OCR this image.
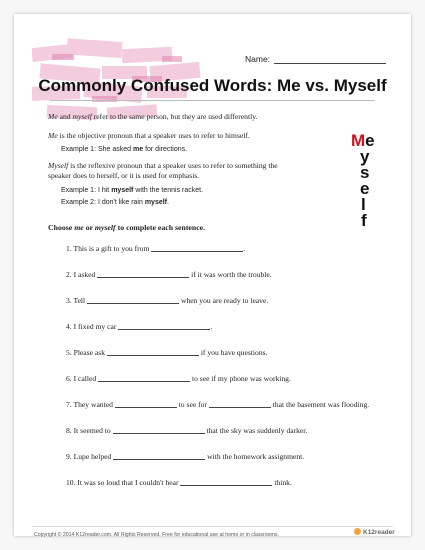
Name:
Commonly Confused Words: Me vs. Myself
Me and myself refer to the same person, but they are used differently.
Me is the objective pronoun that a speaker uses to refer to himself.
Example 1: She asked me for directions.
Myself is the reflexive pronoun that a speaker uses to refer to something the
speaker does to herself, or it is used for emphasis.
Example 1: I hit myself with the tennis racket.
Example 2: I don't like rain myself.
Me
y
s
e
l
f
Choose me or myself to complete each sentence.
1. This is a gift to you from	.
2. I asked	if it was worth the trouble.
3. Tell	when you are ready to leave.
4. I fixed my car	.
5. Please ask	if you have questions.
6. I called	to see if my phone was working.
7. They wanted	to see for	that the basement was flooding.
8. It seemed to	that the sky was suddenly darker.
9. Lupe helped	with the homework assignment.
10. It was so loud that I couldn't hear	think.
Copyright © 2014 K12reader.com. All Rights Reserved. Free for educational use at home or in classrooms.	K12reader
